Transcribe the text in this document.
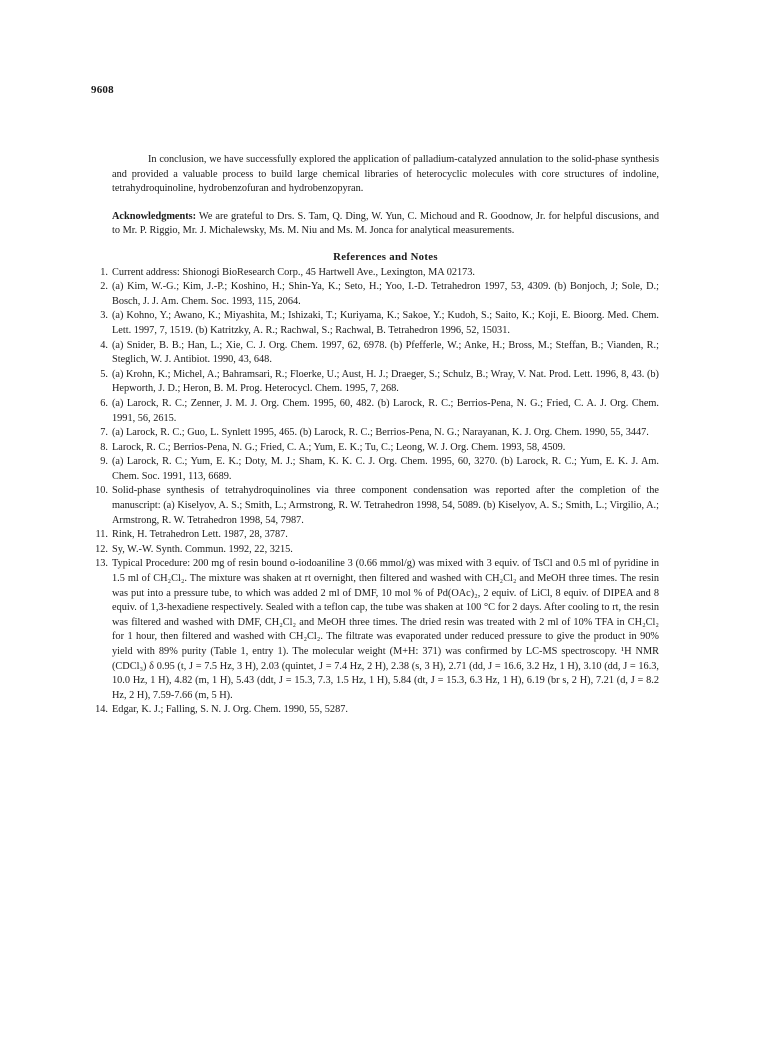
9608

In conclusion, we have successfully explored the application of palladium-catalyzed annulation to the solid-phase synthesis and provided a valuable process to build large chemical libraries of heterocyclic molecules with core structures of indoline, tetrahydroquinoline, hydrobenzofuran and hydrobenzopyran.

Acknowledgments: We are grateful to Drs. S. Tam, Q. Ding, W. Yun, C. Michoud and R. Goodnow, Jr. for helpful discusions, and to Mr. P. Riggio, Mr. J. Michalewsky, Ms. M. Niu and Ms. M. Jonca for analytical measurements.

References and Notes
1. Current address: Shionogi BioResearch Corp., 45 Hartwell Ave., Lexington, MA 02173.
2. (a) Kim, W.-G.; Kim, J.-P.; Koshino, H.; Shin-Ya, K.; Seto, H.; Yoo, I.-D. Tetrahedron 1997, 53, 4309. (b) Bonjoch, J; Sole, D.; Bosch, J. J. Am. Chem. Soc. 1993, 115, 2064.
3. (a) Kohno, Y.; Awano, K.; Miyashita, M.; Ishizaki, T.; Kuriyama, K.; Sakoe, Y.; Kudoh, S.; Saito, K.; Koji, E. Bioorg. Med. Chem. Lett. 1997, 7, 1519. (b) Katritzky, A. R.; Rachwal, S.; Rachwal, B. Tetrahedron 1996, 52, 15031.
4. (a) Snider, B. B.; Han, L.; Xie, C. J. Org. Chem. 1997, 62, 6978. (b) Pfefferle, W.; Anke, H.; Bross, M.; Steffan, B.; Vianden, R.; Steglich, W. J. Antibiot. 1990, 43, 648.
5. (a) Krohn, K.; Michel, A.; Bahramsari, R.; Floerke, U.; Aust, H. J.; Draeger, S.; Schulz, B.; Wray, V. Nat. Prod. Lett. 1996, 8, 43. (b) Hepworth, J. D.; Heron, B. M. Prog. Heterocycl. Chem. 1995, 7, 268.
6. (a) Larock, R. C.; Zenner, J. M. J. Org. Chem. 1995, 60, 482. (b) Larock, R. C.; Berrios-Pena, N. G.; Fried, C. A. J. Org. Chem. 1991, 56, 2615.
7. (a) Larock, R. C.; Guo, L. Synlett 1995, 465. (b) Larock, R. C.; Berrios-Pena, N. G.; Narayanan, K. J. Org. Chem. 1990, 55, 3447.
8. Larock, R. C.; Berrios-Pena, N. G.; Fried, C. A.; Yum, E. K.; Tu, C.; Leong, W. J. Org. Chem. 1993, 58, 4509.
9. (a) Larock, R. C.; Yum, E. K.; Doty, M. J.; Sham, K. K. C. J. Org. Chem. 1995, 60, 3270. (b) Larock, R. C.; Yum, E. K. J. Am. Chem. Soc. 1991, 113, 6689.
10. Solid-phase synthesis of tetrahydroquinolines via three component condensation was reported after the completion of the manuscript: (a) Kiselyov, A. S.; Smith, L.; Armstrong, R. W. Tetrahedron 1998, 54, 5089. (b) Kiselyov, A. S.; Smith, L.; Virgilio, A.; Armstrong, R. W. Tetrahedron 1998, 54, 7987.
11. Rink, H. Tetrahedron Lett. 1987, 28, 3787.
12. Sy, W.-W. Synth. Commun. 1992, 22, 3215.
13. Typical Procedure: 200 mg of resin bound o-iodoaniline 3 (0.66 mmol/g) was mixed with 3 equiv. of TsCl and 0.5 ml of pyridine in 1.5 ml of CH₂Cl₂. The mixture was shaken at rt overnight, then filtered and washed with CH₂Cl₂ and MeOH three times. The resin was put into a pressure tube, to which was added 2 ml of DMF, 10 mol % of Pd(OAc)₂, 2 equiv. of LiCl, 8 equiv. of DIPEA and 8 equiv. of 1,3-hexadiene respectively. Sealed with a teflon cap, the tube was shaken at 100 °C for 2 days. After cooling to rt, the resin was filtered and washed with DMF, CH₂Cl₂ and MeOH three times. The dried resin was treated with 2 ml of 10% TFA in CH₂Cl₂ for 1 hour, then filtered and washed with CH₂Cl₂. The filtrate was evaporated under reduced pressure to give the product in 90% yield with 89% purity (Table 1, entry 1). The molecular weight (M+H: 371) was confirmed by LC-MS spectroscopy. ¹H NMR (CDCl₃) δ 0.95 (t, J = 7.5 Hz, 3 H), 2.03 (quintet, J = 7.4 Hz, 2 H), 2.38 (s, 3 H), 2.71 (dd, J = 16.6, 3.2 Hz, 1 H), 3.10 (dd, J = 16.3, 10.0 Hz, 1 H), 4.82 (m, 1 H), 5.43 (ddt, J = 15.3, 7.3, 1.5 Hz, 1 H), 5.84 (dt, J = 15.3, 6.3 Hz, 1 H), 6.19 (br s, 2 H), 7.21 (d, J = 8.2 Hz, 2 H), 7.59-7.66 (m, 5 H).
14. Edgar, K. J.; Falling, S. N. J. Org. Chem. 1990, 55, 5287.
